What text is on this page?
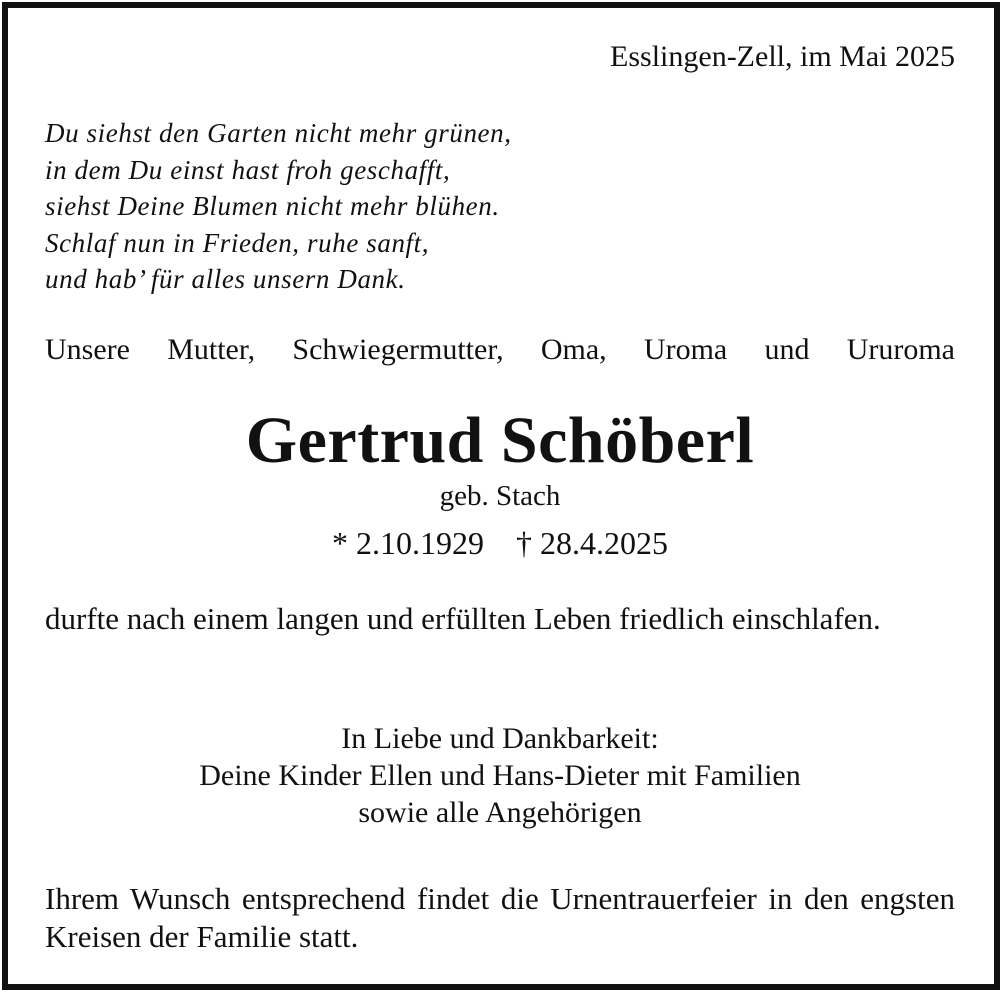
Esslingen-Zell, im Mai 2025
Du siehst den Garten nicht mehr grünen,
in dem Du einst hast froh geschafft,
siehst Deine Blumen nicht mehr blühen.
Schlaf nun in Frieden, ruhe sanft,
und hab’ für alles unsern Dank.
Unsere Mutter, Schwiegermutter, Oma, Uroma und Ururoma
Gertrud Schöberl
geb. Stach
* 2.10.1929 † 28.4.2025
durfte nach einem langen und erfüllten Leben friedlich einschlafen.
In Liebe und Dankbarkeit:
Deine Kinder Ellen und Hans-Dieter mit Familien
sowie alle Angehörigen
Ihrem Wunsch entsprechend findet die Urnentrauerfeier in den engsten Kreisen der Familie statt.
